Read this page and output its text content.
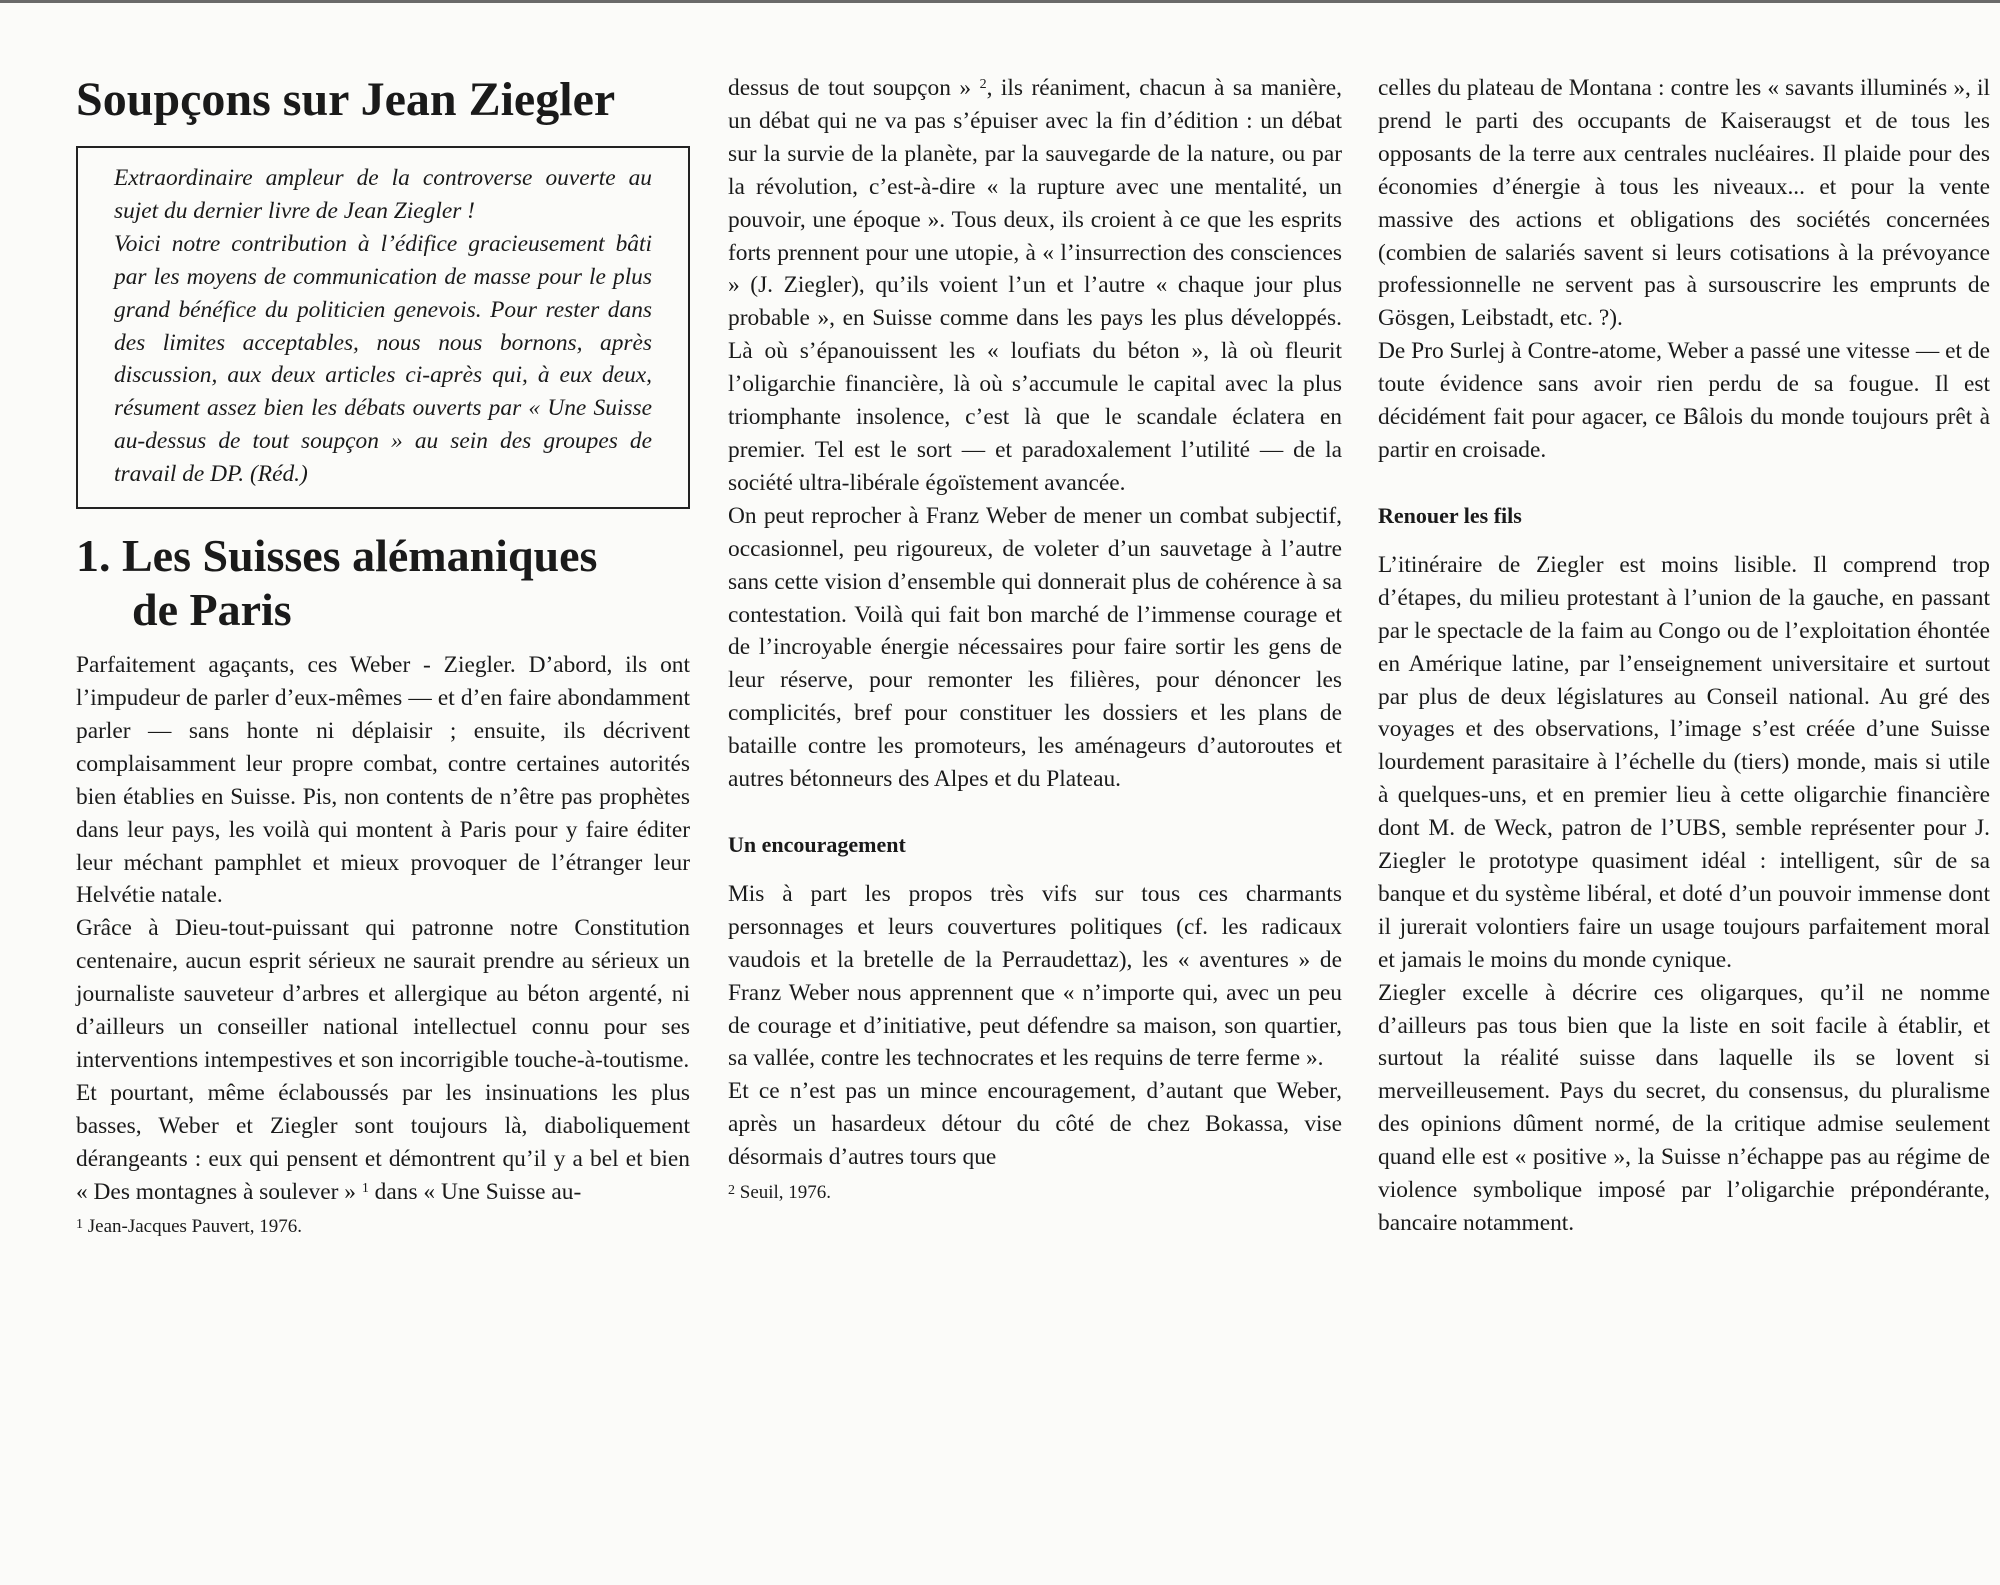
Soupçons sur Jean Ziegler

Extraordinaire ampleur de la controverse ouverte au sujet du dernier livre de Jean Ziegler !

Voici notre contribution à l’édifice gracieusement bâti par les moyens de communication de masse pour le plus grand bénéfice du politicien genevois. Pour rester dans des limites acceptables, nous nous bornons, après discussion, aux deux articles ci-après qui, à eux deux, résument assez bien les débats ouverts par « Une Suisse au-dessus de tout soupçon » au sein des groupes de travail de DP. (Réd.)

1. Les Suisses alémaniques
de Paris

Parfaitement agaçants, ces Weber - Ziegler. D’abord, ils ont l’impudeur de parler d’eux-mêmes — et d’en faire abondamment parler — sans honte ni déplaisir ; ensuite, ils décrivent complaisamment leur propre combat, contre certaines autorités bien établies en Suisse. Pis, non contents de n’être pas prophètes dans leur pays, les voilà qui montent à Paris pour y faire éditer leur méchant pamphlet et mieux provoquer de l’étranger leur Helvétie natale.

Grâce à Dieu-tout-puissant qui patronne notre Constitution centenaire, aucun esprit sérieux ne saurait prendre au sérieux un journaliste sauveteur d’arbres et allergique au béton argenté, ni d’ailleurs un conseiller national intellectuel connu pour ses interventions intempestives et son incorrigible touche-à-toutisme.

Et pourtant, même éclaboussés par les insinuations les plus basses, Weber et Ziegler sont toujours là, diaboliquement dérangeants : eux qui pensent et démontrent qu’il y a bel et bien « Des montagnes à soulever » $^1$ dans « Une Suisse au-

$^1$ Jean-Jacques Pauvert, 1976.

dessus de tout soupçon » $^2$, ils réaniment, chacun à sa manière, un débat qui ne va pas s’épuiser avec la fin d’édition : un débat sur la survie de la planète, par la sauvegarde de la nature, ou par la révolution, c’est-à-dire « la rupture avec une mentalité, un pouvoir, une époque ». Tous deux, ils croient à ce que les esprits forts prennent pour une utopie, à « l’insurrection des consciences » (J. Ziegler), qu’ils voient l’un et l’autre « chaque jour plus probable », en Suisse comme dans les pays les plus développés. Là où s’épanouissent les « loufiats du béton », là où fleurit l’oligarchie financière, là où s’accumule le capital avec la plus triomphante insolence, c’est là que le scandale éclatera en premier. Tel est le sort — et paradoxalement l’utilité — de la société ultra-libérale égoïstement avancée.

On peut reprocher à Franz Weber de mener un combat subjectif, occasionnel, peu rigoureux, de voleter d’un sauvetage à l’autre sans cette vision d’ensemble qui donnerait plus de cohérence à sa contestation. Voilà qui fait bon marché de l’immense courage et de l’incroyable énergie nécessaires pour faire sortir les gens de leur réserve, pour remonter les filières, pour dénoncer les complicités, bref pour constituer les dossiers et les plans de bataille contre les promoteurs, les aménageurs d’autoroutes et autres bétonneurs des Alpes et du Plateau.

Un encouragement

Mis à part les propos très vifs sur tous ces charmants personnages et leurs couvertures politiques (cf. les radicaux vaudois et la bretelle de la Perraudettaz), les « aventures » de Franz Weber nous apprennent que « n’importe qui, avec un peu de courage et d’initiative, peut défendre sa maison, son quartier, sa vallée, contre les technocrates et les requins de terre ferme ».

Et ce n’est pas un mince encouragement, d’autant que Weber, après un hasardeux détour du côté de chez Bokassa, vise désormais d’autres tours que

$^2$ Seuil, 1976.

celles du plateau de Montana : contre les « savants illuminés », il prend le parti des occupants de Kaiseraugst et de tous les opposants de la terre aux centrales nucléaires. Il plaide pour des économies d’énergie à tous les niveaux... et pour la vente massive des actions et obligations des sociétés concernées (combien de salariés savent si leurs cotisations à la prévoyance professionnelle ne servent pas à sursouscrire les emprunts de Gösgen, Leibstadt, etc. ?).

De Pro Surlej à Contre-atome, Weber a passé une vitesse — et de toute évidence sans avoir rien perdu de sa fougue. Il est décidément fait pour agacer, ce Bâlois du monde toujours prêt à partir en croisade.

Renouer les fils

L’itinéraire de Ziegler est moins lisible. Il comprend trop d’étapes, du milieu protestant à l’union de la gauche, en passant par le spectacle de la faim au Congo ou de l’exploitation éhontée en Amérique latine, par l’enseignement universitaire et surtout par plus de deux législatures au Conseil national. Au gré des voyages et des observations, l’image s’est créée d’une Suisse lourdement parasitaire à l’échelle du (tiers) monde, mais si utile à quelques-uns, et en premier lieu à cette oligarchie financière dont M. de Weck, patron de l’UBS, semble représenter pour J. Ziegler le prototype quasiment idéal : intelligent, sûr de sa banque et du système libéral, et doté d’un pouvoir immense dont il jurerait volontiers faire un usage toujours parfaitement moral et jamais le moins du monde cynique.

Ziegler excelle à décrire ces oligarques, qu’il ne nomme d’ailleurs pas tous bien que la liste en soit facile à établir, et surtout la réalité suisse dans laquelle ils se lovent si merveilleusement. Pays du secret, du consensus, du pluralisme des opinions dûment normé, de la critique admise seulement quand elle est « positive », la Suisse n’échappe pas au régime de violence symbolique imposé par l’oligarchie prépondérante, bancaire notamment.
